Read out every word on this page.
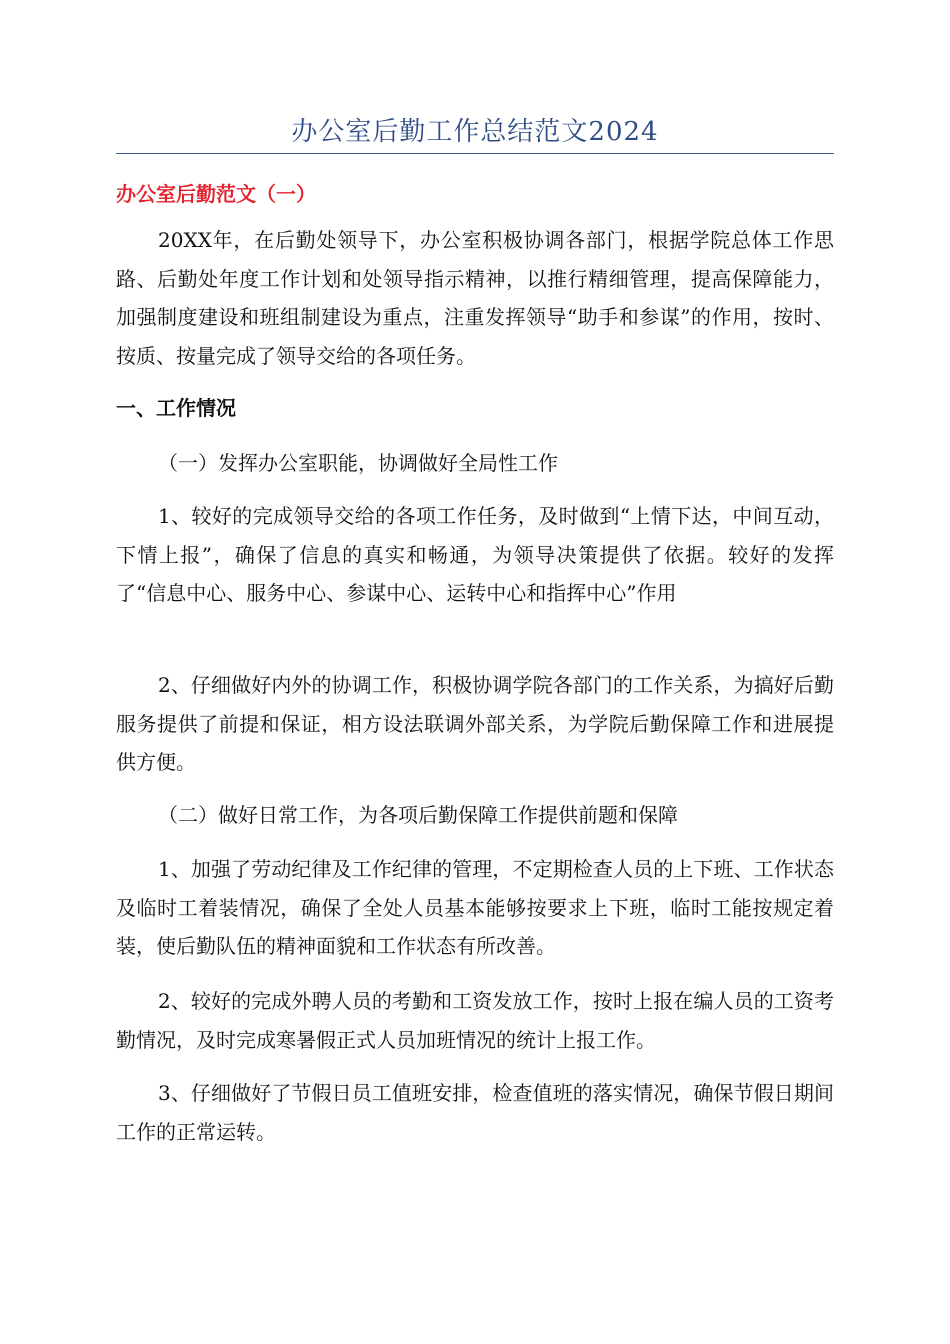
办公室后勤工作总结范文2024
办公室后勤范文（一）

20XX年，在后勤处领导下，办公室积极协调各部门，根据学院总体工作思路、后勤处年度工作计划和处领导指示精神，以推行精细管理，提高保障能力，加强制度建设和班组制建设为重点，注重发挥领导“助手和参谋”的作用，按时、按质、按量完成了领导交给的各项任务。

一、工作情况

（一）发挥办公室职能，协调做好全局性工作

1、较好的完成领导交给的各项工作任务，及时做到“上情下达，中间互动，下情上报”，确保了信息的真实和畅通，为领导决策提供了依据。较好的发挥了“信息中心、服务中心、参谋中心、运转中心和指挥中心”作用

2、仔细做好内外的协调工作，积极协调学院各部门的工作关系，为搞好后勤服务提供了前提和保证，相方设法联调外部关系，为学院后勤保障工作和进展提供方便。

（二）做好日常工作，为各项后勤保障工作提供前题和保障

1、加强了劳动纪律及工作纪律的管理，不定期检查人员的上下班、工作状态及临时工着装情况，确保了全处人员基本能够按要求上下班，临时工能按规定着装，使后勤队伍的精神面貌和工作状态有所改善。

2、较好的完成外聘人员的考勤和工资发放工作，按时上报在编人员的工资考勤情况，及时完成寒暑假正式人员加班情况的统计上报工作。

3、仔细做好了节假日员工值班安排，检查值班的落实情况，确保节假日期间工作的正常运转。
